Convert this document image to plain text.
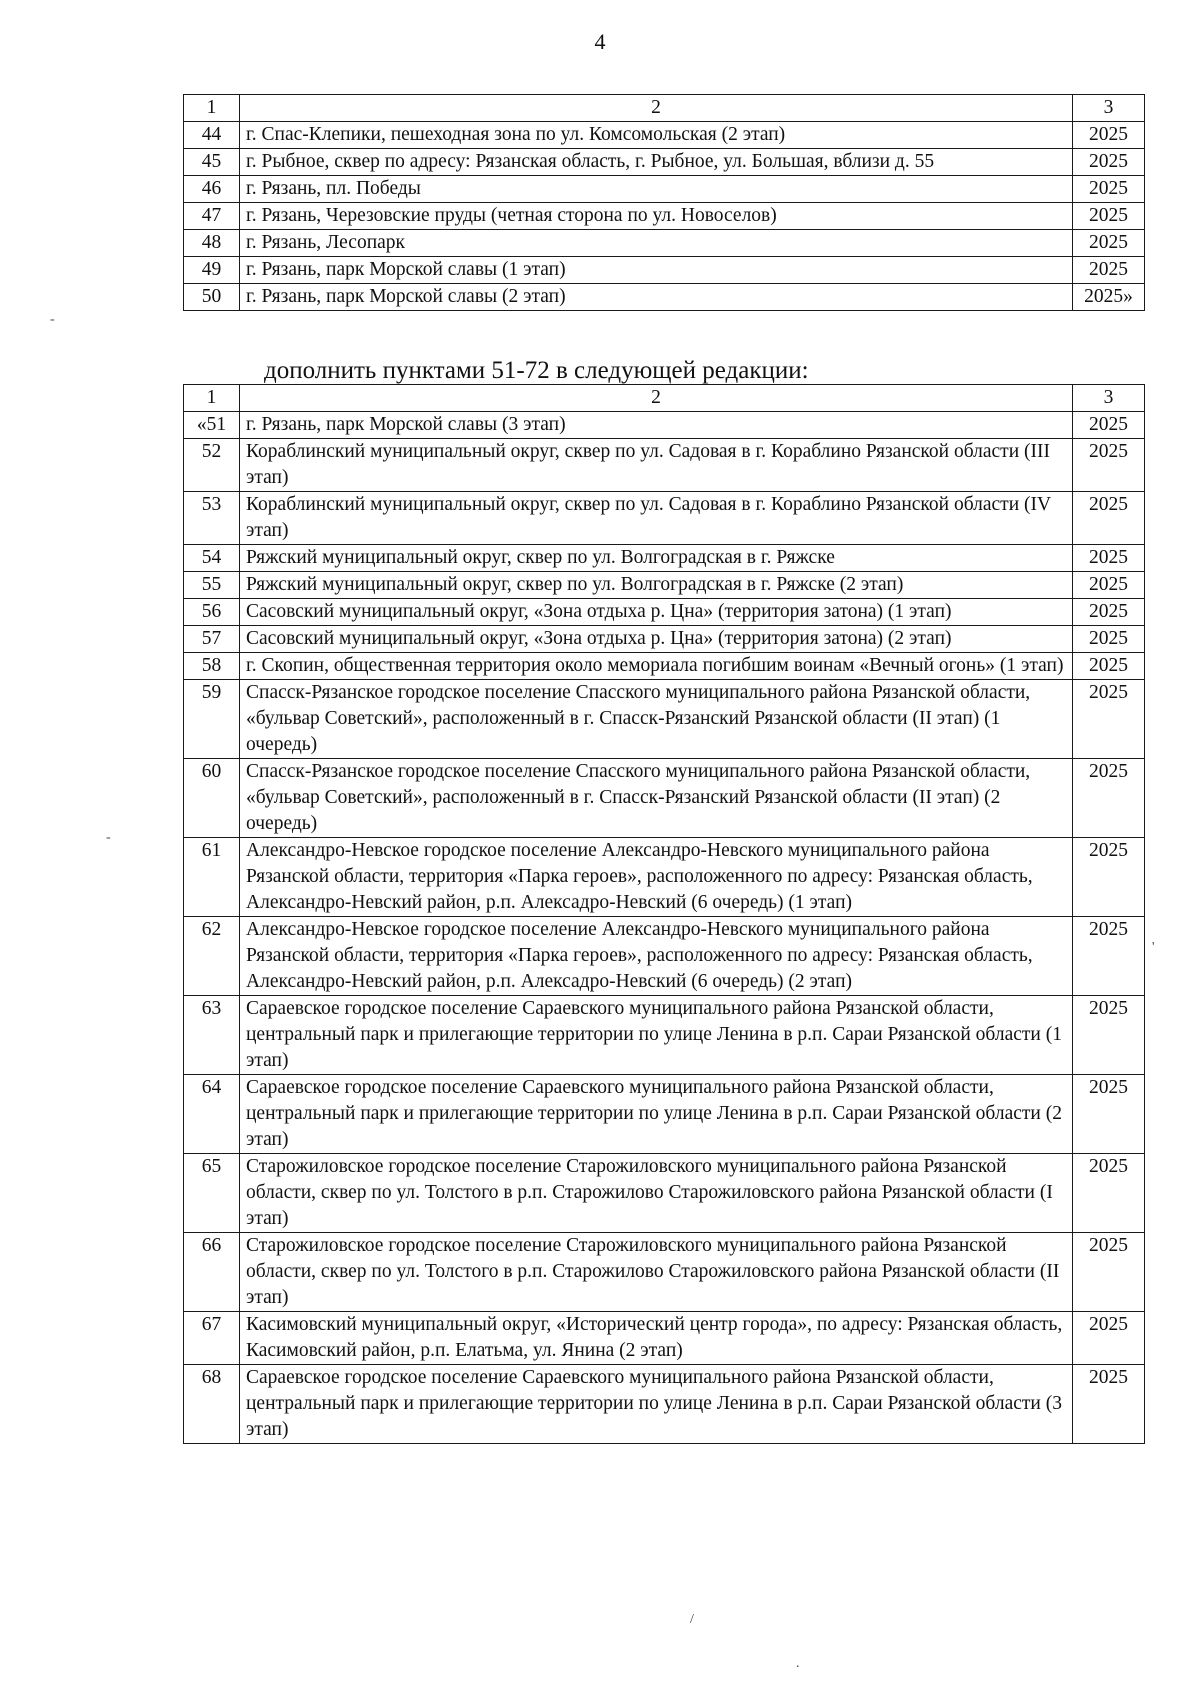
4
1	2	3
44	г. Спас-Клепики, пешеходная зона по ул. Комсомольская (2 этап)	2025
45	г. Рыбное, сквер по адресу: Рязанская область, г. Рыбное, ул. Большая, вблизи д. 55	2025
46	г. Рязань, пл. Победы	2025
47	г. Рязань, Черезовские пруды (четная сторона по ул. Новоселов)	2025
48	г. Рязань, Лесопарк	2025
49	г. Рязань, парк Морской славы (1 этап)	2025
50	г. Рязань, парк Морской славы (2 этап)	2025»
дополнить пунктами 51-72 в следующей редакции:
1	2	3
«51	г. Рязань, парк Морской славы (3 этап)	2025
52	Кораблинский муниципальный округ, сквер по ул. Садовая в г. Кораблино Рязанской области (III этап)	2025
53	Кораблинский муниципальный округ, сквер по ул. Садовая в г. Кораблино Рязанской области (IV этап)	2025
54	Ряжский муниципальный округ, сквер по ул. Волгоградская в г. Ряжске	2025
55	Ряжский муниципальный округ, сквер по ул. Волгоградская в г. Ряжске (2 этап)	2025
56	Сасовский муниципальный округ, «Зона отдыха р. Цна» (территория затона) (1 этап)	2025
57	Сасовский муниципальный округ, «Зона отдыха р. Цна» (территория затона) (2 этап)	2025
58	г. Скопин, общественная территория около мемориала погибшим воинам «Вечный огонь» (1 этап)	2025
59	Спасск-Рязанское городское поселение Спасского муниципального района Рязанской области, «бульвар Советский», расположенный в г. Спасск-Рязанский Рязанской области (II этап) (1 очередь)	2025
60	Спасск-Рязанское городское поселение Спасского муниципального района Рязанской области, «бульвар Советский», расположенный в г. Спасск-Рязанский Рязанской области (II этап) (2 очередь)	2025
61	Александро-Невское городское поселение Александро-Невского муниципального района Рязанской области, территория «Парка героев», расположенного по адресу: Рязанская область, Александро-Невский район, р.п. Алексадро-Невский (6 очередь) (1 этап)	2025
62	Александро-Невское городское поселение Александро-Невского муниципального района Рязанской области, территория «Парка героев», расположенного по адресу: Рязанская область, Александро-Невский район, р.п. Алексадро-Невский (6 очередь) (2 этап)	2025
63	Сараевское городское поселение Сараевского муниципального района Рязанской области, центральный парк и прилегающие территории по улице Ленина в р.п. Сараи Рязанской области (1 этап)	2025
64	Сараевское городское поселение Сараевского муниципального района Рязанской области, центральный парк и прилегающие территории по улице Ленина в р.п. Сараи Рязанской области (2 этап)	2025
65	Старожиловское городское поселение Старожиловского муниципального района Рязанской области, сквер по ул. Толстого в р.п. Старожилово Старожиловского района Рязанской области (I этап)	2025
66	Старожиловское городское поселение Старожиловского муниципального района Рязанской области, сквер по ул. Толстого в р.п. Старожилово Старожиловского района Рязанской области (II этап)	2025
67	Касимовский муниципальный округ, «Исторический центр города», по адресу: Рязанская область, Касимовский район, р.п. Елатьма, ул. Янина (2 этап)	2025
68	Сараевское городское поселение Сараевского муниципального района Рязанской области, центральный парк и прилегающие территории по улице Ленина в р.п. Сараи Рязанской области (3 этап)	2025
-
-
'
/
.
